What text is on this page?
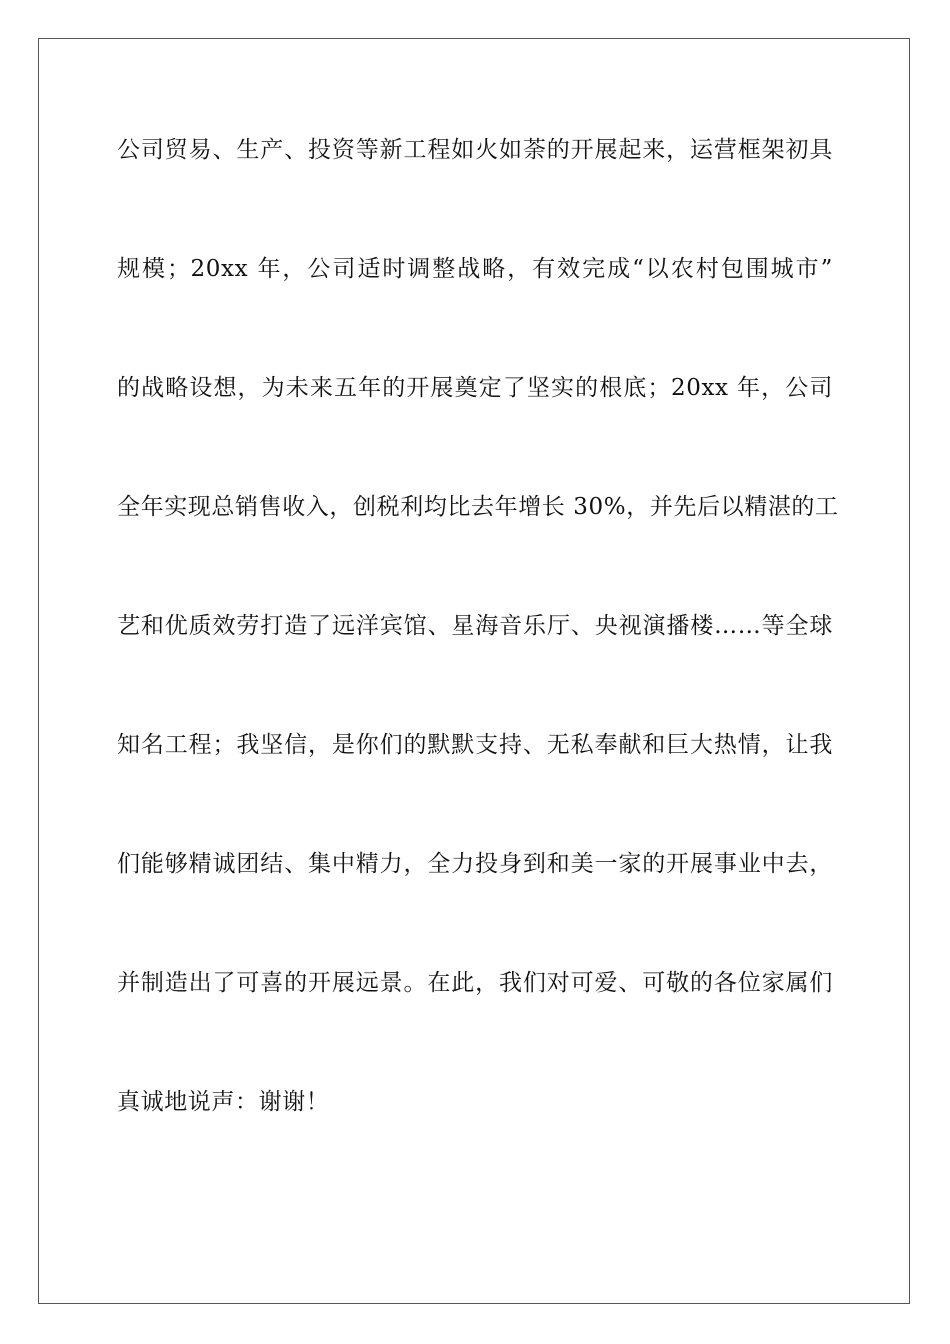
公司贸易、生产、投资等新工程如火如荼的开展起来，运营框架初具
规模；20xx 年，公司适时调整战略，有效完成“以农村包围城市”
的战略设想，为未来五年的开展奠定了坚实的根底；20xx 年，公司
全年实现总销售收入，创税利均比去年增长 30%，并先后以精湛的工
艺和优质效劳打造了远洋宾馆、星海音乐厅、央视演播楼……等全球
知名工程；我坚信，是你们的默默支持、无私奉献和巨大热情，让我
们能够精诚团结、集中精力，全力投身到和美一家的开展事业中去，
并制造出了可喜的开展远景。在此，我们对可爱、可敬的各位家属们
真诚地说声：谢谢！
